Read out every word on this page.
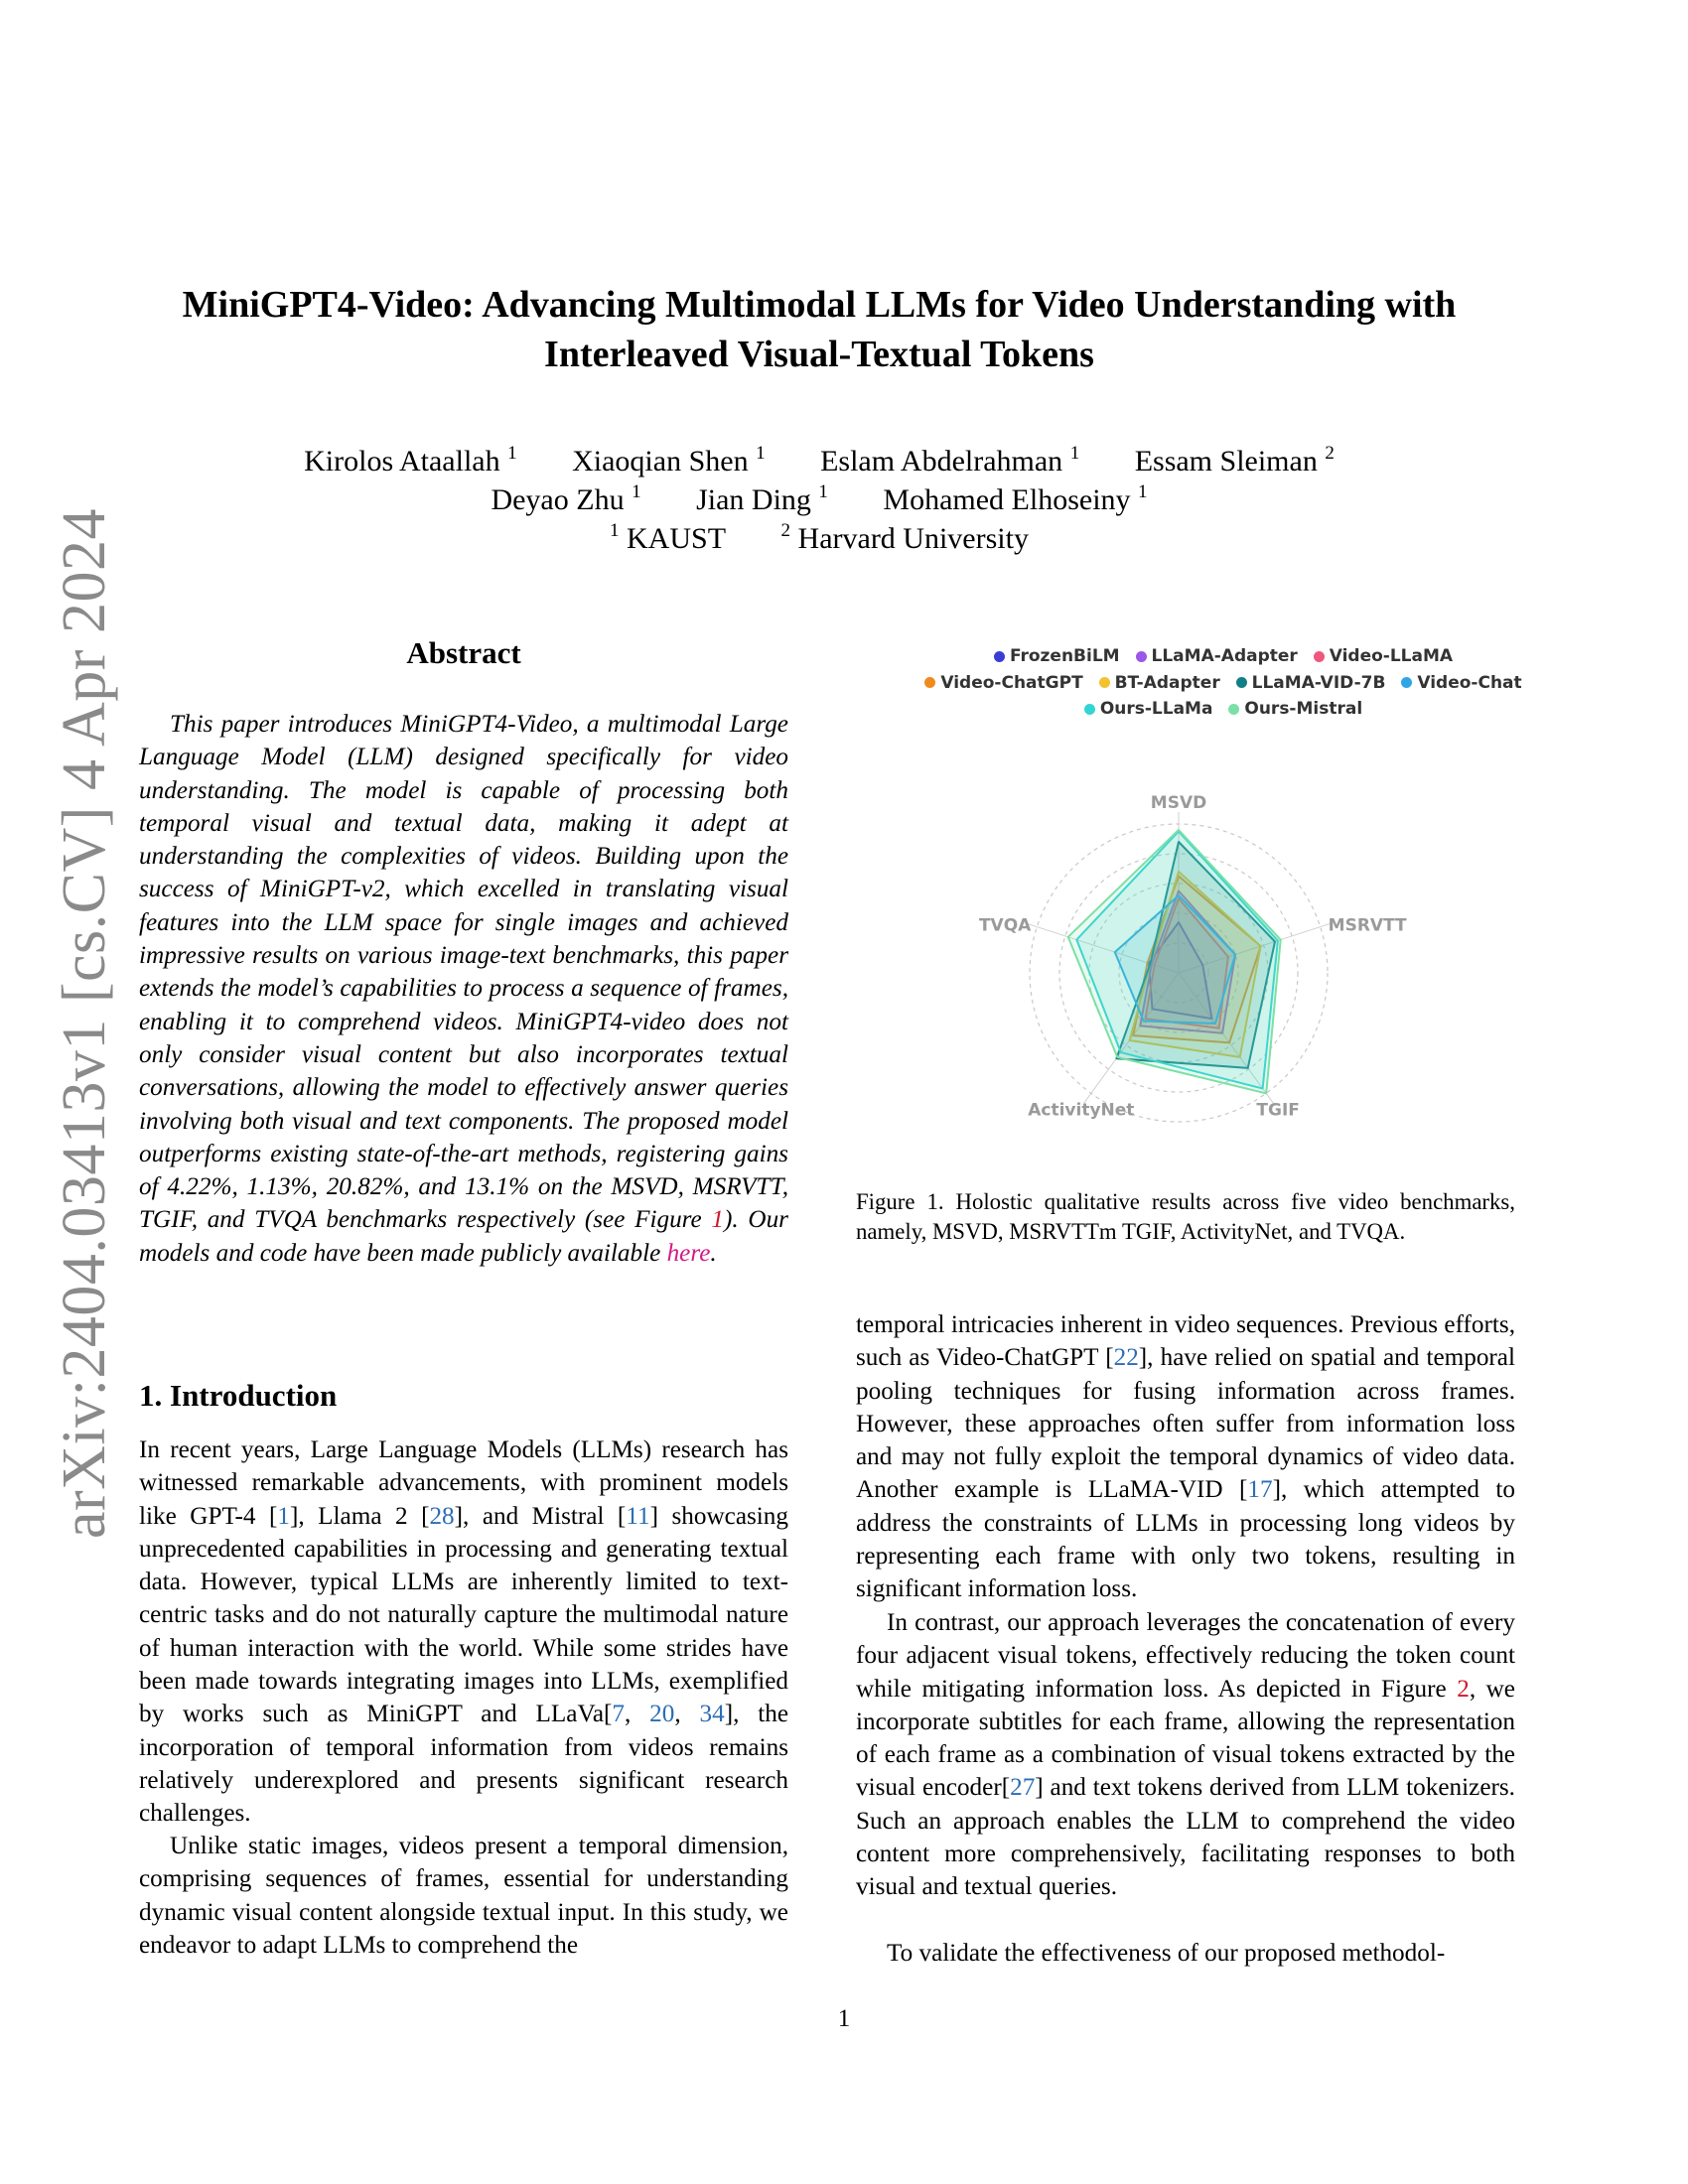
arXiv:2404.03413v1 [cs.CV] 4 Apr 2024
MiniGPT4-Video: Advancing Multimodal LLMs for Video Understanding with
Interleaved Visual-Textual Tokens
Kirolos Ataallah $^1$ Xiaoqian Shen $^1$ Eslam Abdelrahman $^1$ Essam Sleiman $^2$
Deyao Zhu $^1$ Jian Ding $^1$ Mohamed Elhoseiny $^1$
$^1$ KAUST	$^2$ Harvard University
Abstract

This paper introduces MiniGPT4-Video, a multimodal Large Language Model (LLM) designed specifically for video understanding. The model is capable of processing both temporal visual and textual data, making it adept at understanding the complexities of videos. Building upon the success of MiniGPT-v2, which excelled in translating visual features into the LLM space for single images and achieved impressive results on various image-text benchmarks, this paper extends the model’s capabilities to process a sequence of frames, enabling it to comprehend videos. MiniGPT4-video does not only consider visual content but also incorporates textual conversations, allowing the model to effectively answer queries involving both visual and text components. The proposed model outperforms existing state-of-the-art methods, registering gains of 4.22%, 1.13%, 20.82%, and 13.1% on the MSVD, MSRVTT, TGIF, and TVQA benchmarks respectively (see Figure 1). Our models and code have been made publicly available here.

1. Introduction

In recent years, Large Language Models (LLMs) research has witnessed remarkable advancements, with prominent models like GPT-4 [1], Llama 2 [28], and Mistral [11] showcasing unprecedented capabilities in processing and generating textual data. However, typical LLMs are inherently limited to text-centric tasks and do not naturally capture the multimodal nature of human interaction with the world. While some strides have been made towards integrating images into LLMs, exemplified by works such as MiniGPT and LLaVa[7, 20, 34], the incorporation of temporal information from videos remains relatively underexplored and presents significant research challenges.

Unlike static images, videos present a temporal dimension, comprising sequences of frames, essential for understanding dynamic visual content alongside textual input. In this study, we endeavor to adapt LLMs to comprehend the

FrozenBiLM
LLaMA-Adapter
Video-LLaMA
Video-ChatGPT
BT-Adapter
LLaMA-VID-7B
Video-Chat
Ours-LLaMa
Ours-Mistral
MSVD
MSRVTT
TGIF
ActivityNet
TVQA

Figure 1. Holostic qualitative results across five video benchmarks, namely, MSVD, MSRVTTm TGIF, ActivityNet, and TVQA.

temporal intricacies inherent in video sequences. Previous efforts, such as Video-ChatGPT [22], have relied on spatial and temporal pooling techniques for fusing information across frames. However, these approaches often suffer from information loss and may not fully exploit the temporal dynamics of video data. Another example is LLaMA-VID [17], which attempted to address the constraints of LLMs in processing long videos by representing each frame with only two tokens, resulting in significant information loss.

In contrast, our approach leverages the concatenation of every four adjacent visual tokens, effectively reducing the token count while mitigating information loss. As depicted in Figure 2, we incorporate subtitles for each frame, allowing the representation of each frame as a combination of visual tokens extracted by the visual encoder[27] and text tokens derived from LLM tokenizers. Such an approach enables the LLM to comprehend the video content more comprehensively, facilitating responses to both visual and textual queries.

To validate the effectiveness of our proposed methodol-

1
